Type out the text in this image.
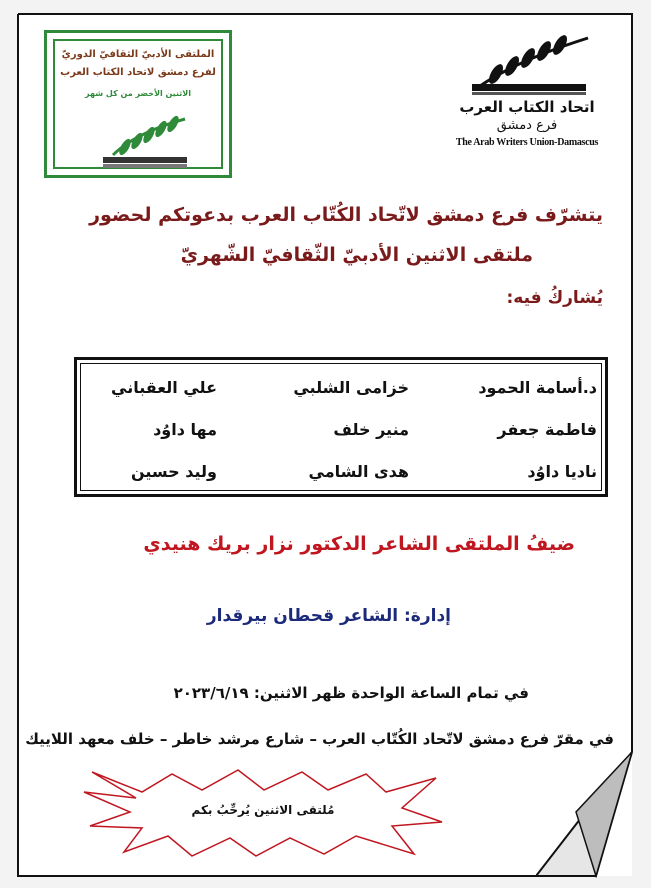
الملتقى الأدبيّ الثقافيّ الدوريّ
لفرع دمشق لاتحاد الكتاب العرب
الاثنين الأخضر من كل شهر
اتحاد الكتاب العرب
فرع دمشق
The Arab Writers Union-Damascus
يتشرّف فرع دمشق لاتّحاد الكُتّاب العرب بدعوتكم لحضور
ملتقى الاثنين الأدبيّ الثّقافيّ الشّهريّ
يُشاركُ فيه:
د.أسامة الحمود
خزامى الشلبي
علي العقباني
فاطمة جعفر
منير خلف
مها داوُد
ناديا داوُد
هدى الشامي
وليد حسين
ضيفُ الملتقى الشاعر الدكتور نزار بريك هنيدي
إدارة: الشاعر قحطان بيرقدار
في تمام الساعة الواحدة ظهر الاثنين: ٢٠٢٣/٦/١٩
في مقرّ فرع دمشق لاتّحاد الكُتّاب العرب – شارع مرشد خاطر – خلف معهد اللاييك
مُلتقى الاثنين يُرحِّبُ بكم
